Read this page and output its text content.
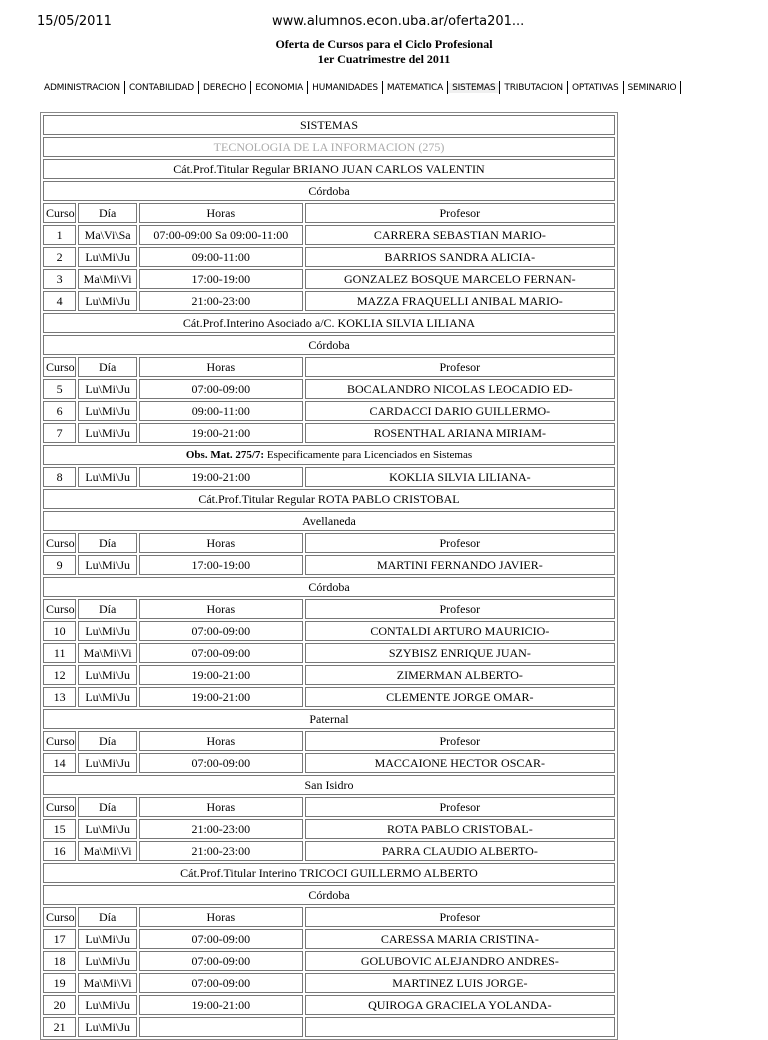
15/05/2011	www.alumnos.econ.uba.ar/oferta201...
Oferta de Cursos para el Ciclo Profesional
1er Cuatrimestre del 2011
ADMINISTRACION CONTABILIDAD DERECHO ECONOMIA HUMANIDADES MATEMATICA SISTEMAS TRIBUTACION OPTATIVAS SEMINARIO
SISTEMAS			
TECNOLOGIA DE LA INFORMACION (275)			
Cát.Prof.Titular Regular BRIANO JUAN CARLOS VALENTIN			
Córdoba			
Curso	Día	Horas	Profesor
1	Ma\Vi\Sa	07:00-09:00 Sa 09:00-11:00	CARRERA SEBASTIAN MARIO-
2	Lu\Mi\Ju	09:00-11:00	BARRIOS SANDRA ALICIA-
3	Ma\Mi\Vi	17:00-19:00	GONZALEZ BOSQUE MARCELO FERNAN-
4	Lu\Mi\Ju	21:00-23:00	MAZZA FRAQUELLI ANIBAL MARIO-
Cát.Prof.Interino Asociado a/C. KOKLIA SILVIA LILIANA			
Córdoba			
Curso	Día	Horas	Profesor
5	Lu\Mi\Ju	07:00-09:00	BOCALANDRO NICOLAS LEOCADIO ED-
6	Lu\Mi\Ju	09:00-11:00	CARDACCI DARIO GUILLERMO-
7	Lu\Mi\Ju	19:00-21:00	ROSENTHAL ARIANA MIRIAM-
Obs. Mat. 275/7: Especificamente para Licenciados en Sistemas			
8	Lu\Mi\Ju	19:00-21:00	KOKLIA SILVIA LILIANA-
Cát.Prof.Titular Regular ROTA PABLO CRISTOBAL			
Avellaneda			
Curso	Día	Horas	Profesor
9	Lu\Mi\Ju	17:00-19:00	MARTINI FERNANDO JAVIER-
Córdoba			
Curso	Día	Horas	Profesor
10	Lu\Mi\Ju	07:00-09:00	CONTALDI ARTURO MAURICIO-
11	Ma\Mi\Vi	07:00-09:00	SZYBISZ ENRIQUE JUAN-
12	Lu\Mi\Ju	19:00-21:00	ZIMERMAN ALBERTO-
13	Lu\Mi\Ju	19:00-21:00	CLEMENTE JORGE OMAR-
Paternal			
Curso	Día	Horas	Profesor
14	Lu\Mi\Ju	07:00-09:00	MACCAIONE HECTOR OSCAR-
San Isidro			
Curso	Día	Horas	Profesor
15	Lu\Mi\Ju	21:00-23:00	ROTA PABLO CRISTOBAL-
16	Ma\Mi\Vi	21:00-23:00	PARRA CLAUDIO ALBERTO-
Cát.Prof.Titular Interino TRICOCI GUILLERMO ALBERTO			
Córdoba			
Curso	Día	Horas	Profesor
17	Lu\Mi\Ju	07:00-09:00	CARESSA MARIA CRISTINA-
18	Lu\Mi\Ju	07:00-09:00	GOLUBOVIC ALEJANDRO ANDRES-
19	Ma\Mi\Vi	07:00-09:00	MARTINEZ LUIS JORGE-
20	Lu\Mi\Ju	19:00-21:00	QUIROGA GRACIELA YOLANDA-
21	Lu\Mi\Ju		
